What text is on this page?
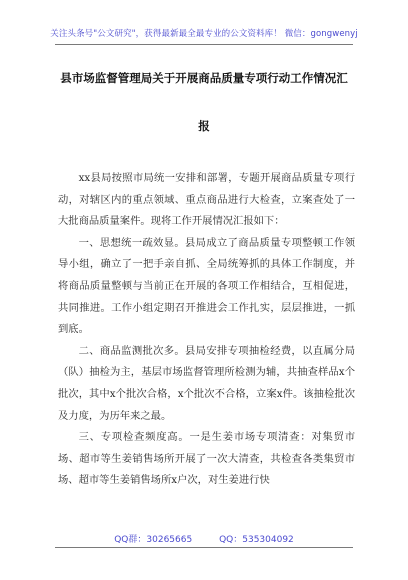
关注头条号"公文研究"，获得最新最全最专业的公文资料库！ 微信：gongwenyj
县市场监督管理局关于开展商品质量专项行动工作情况汇
报

xx县局按照市局统一安排和部署，专题开展商品质量专项行动，对辖区内的重点领域、重点商品进行大检查，立案查处了一大批商品质量案件。现将工作开展情况汇报如下：

一、思想统一疏效显。县局成立了商品质量专项整顿工作领导小组，确立了一把手亲自抓、全局统筹抓的具体工作制度，并将商品质量整顿与当前正在开展的各项工作相结合，互相促进，共同推进。工作小组定期召开推进会工作扎实，层层推进，一抓到底。

二、商品监测批次多。县局安排专项抽检经费，以直属分局（队）抽检为主，基层市场监督管理所检测为辅，共抽查样品x个批次，其中x个批次合格，x个批次不合格，立案x件。该抽检批次及力度，为历年来之最。

三、专项检查频度高。一是生姜市场专项清查：对集贸市场、超市等生姜销售场所开展了一次大清查，共检查各类集贸市场、超市等生姜销售场所x户次，对生姜进行快

QQ群：30265665	QQ：535304092
